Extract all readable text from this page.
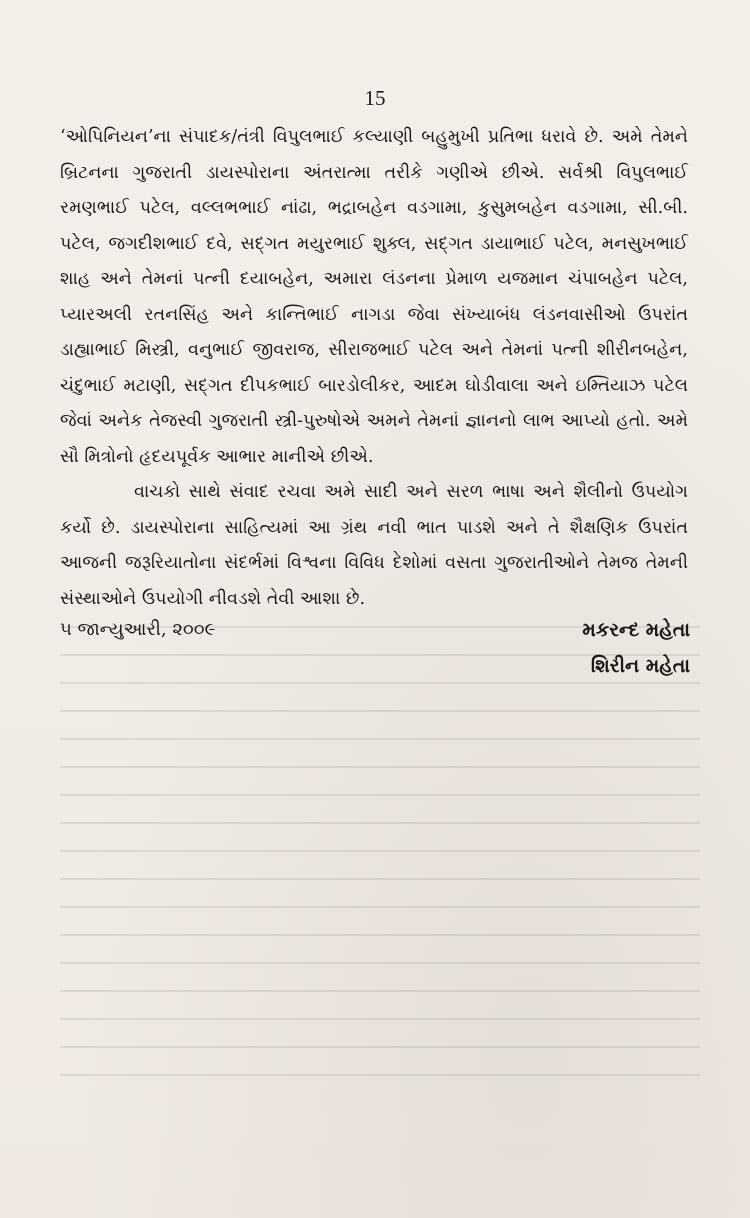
15

‘ઓપિનિયન’ના સંપાદક/તંત્રી વિપુલભાઈ કલ્યાણી બહુમુખી પ્રતિભા ધરાવે છે. અમે તેમને બ્રિટનના ગુજરાતી ડાયસ્પોરાના અંતરાત્મા તરીકે ગણીએ છીએ. સર્વશ્રી વિપુલભાઈ રમણભાઈ પટેલ, વલ્લભભાઈ નાંઢા, ભદ્રાબહેન વડગામા, કુસુમબહેન વડગામા, સી.બી. પટેલ, જગદીશભાઈ દવે, સદ્ગત મયુરભાઈ શુક્લ, સદ્ગત ડાયાભાઈ પટેલ, મનસુખભાઈ શાહ અને તેમનાં પત્ની દયાબહેન, અમારા લંડનના પ્રેમાળ યજમાન ચંપાબહેન પટેલ, પ્યારઅલી રતનસિંહ અને કાન્તિભાઈ નાગડા જેવા સંખ્યાબંધ લંડનવાસીઓ ઉપરાંત ડાહ્યાભાઈ મિસ્ત્રી, વનુભાઈ જીવરાજ, સીરાજભાઈ પટેલ અને તેમનાં પત્ની શીરીનબહેન, ચંદુભાઈ મટાણી, સદ્ગત દીપકભાઈ બારડોલીકર, આદમ ઘોડીવાલા અને ઇમ્તિયાઝ પટેલ જેવાં અનેક તેજસ્વી ગુજરાતી સ્ત્રી-પુરુષોએ અમને તેમનાં જ્ઞાનનો લાભ આપ્યો હતો. અમે સૌ મિત્રોનો હૃદયપૂર્વક આભાર માનીએ છીએ.

વાચકો સાથે સંવાદ રચવા અમે સાદી અને સરળ ભાષા અને શૈલીનો ઉપયોગ કર્યો છે. ડાયસ્પોરાના સાહિત્યમાં આ ગ્રંથ નવી ભાત પાડશે અને તે શૈક્ષણિક ઉપરાંત આજની જરૂરિયાતોના સંદર્ભમાં વિશ્વના વિવિધ દેશોમાં વસતા ગુજરાતીઓને તેમજ તેમની સંસ્થાઓને ઉપયોગી નીવડશે તેવી આશા છે.

૫ જાન્યુઆરી, ૨૦૦૯	મકરન્દ મહેતા
શિરીન મહેતા
